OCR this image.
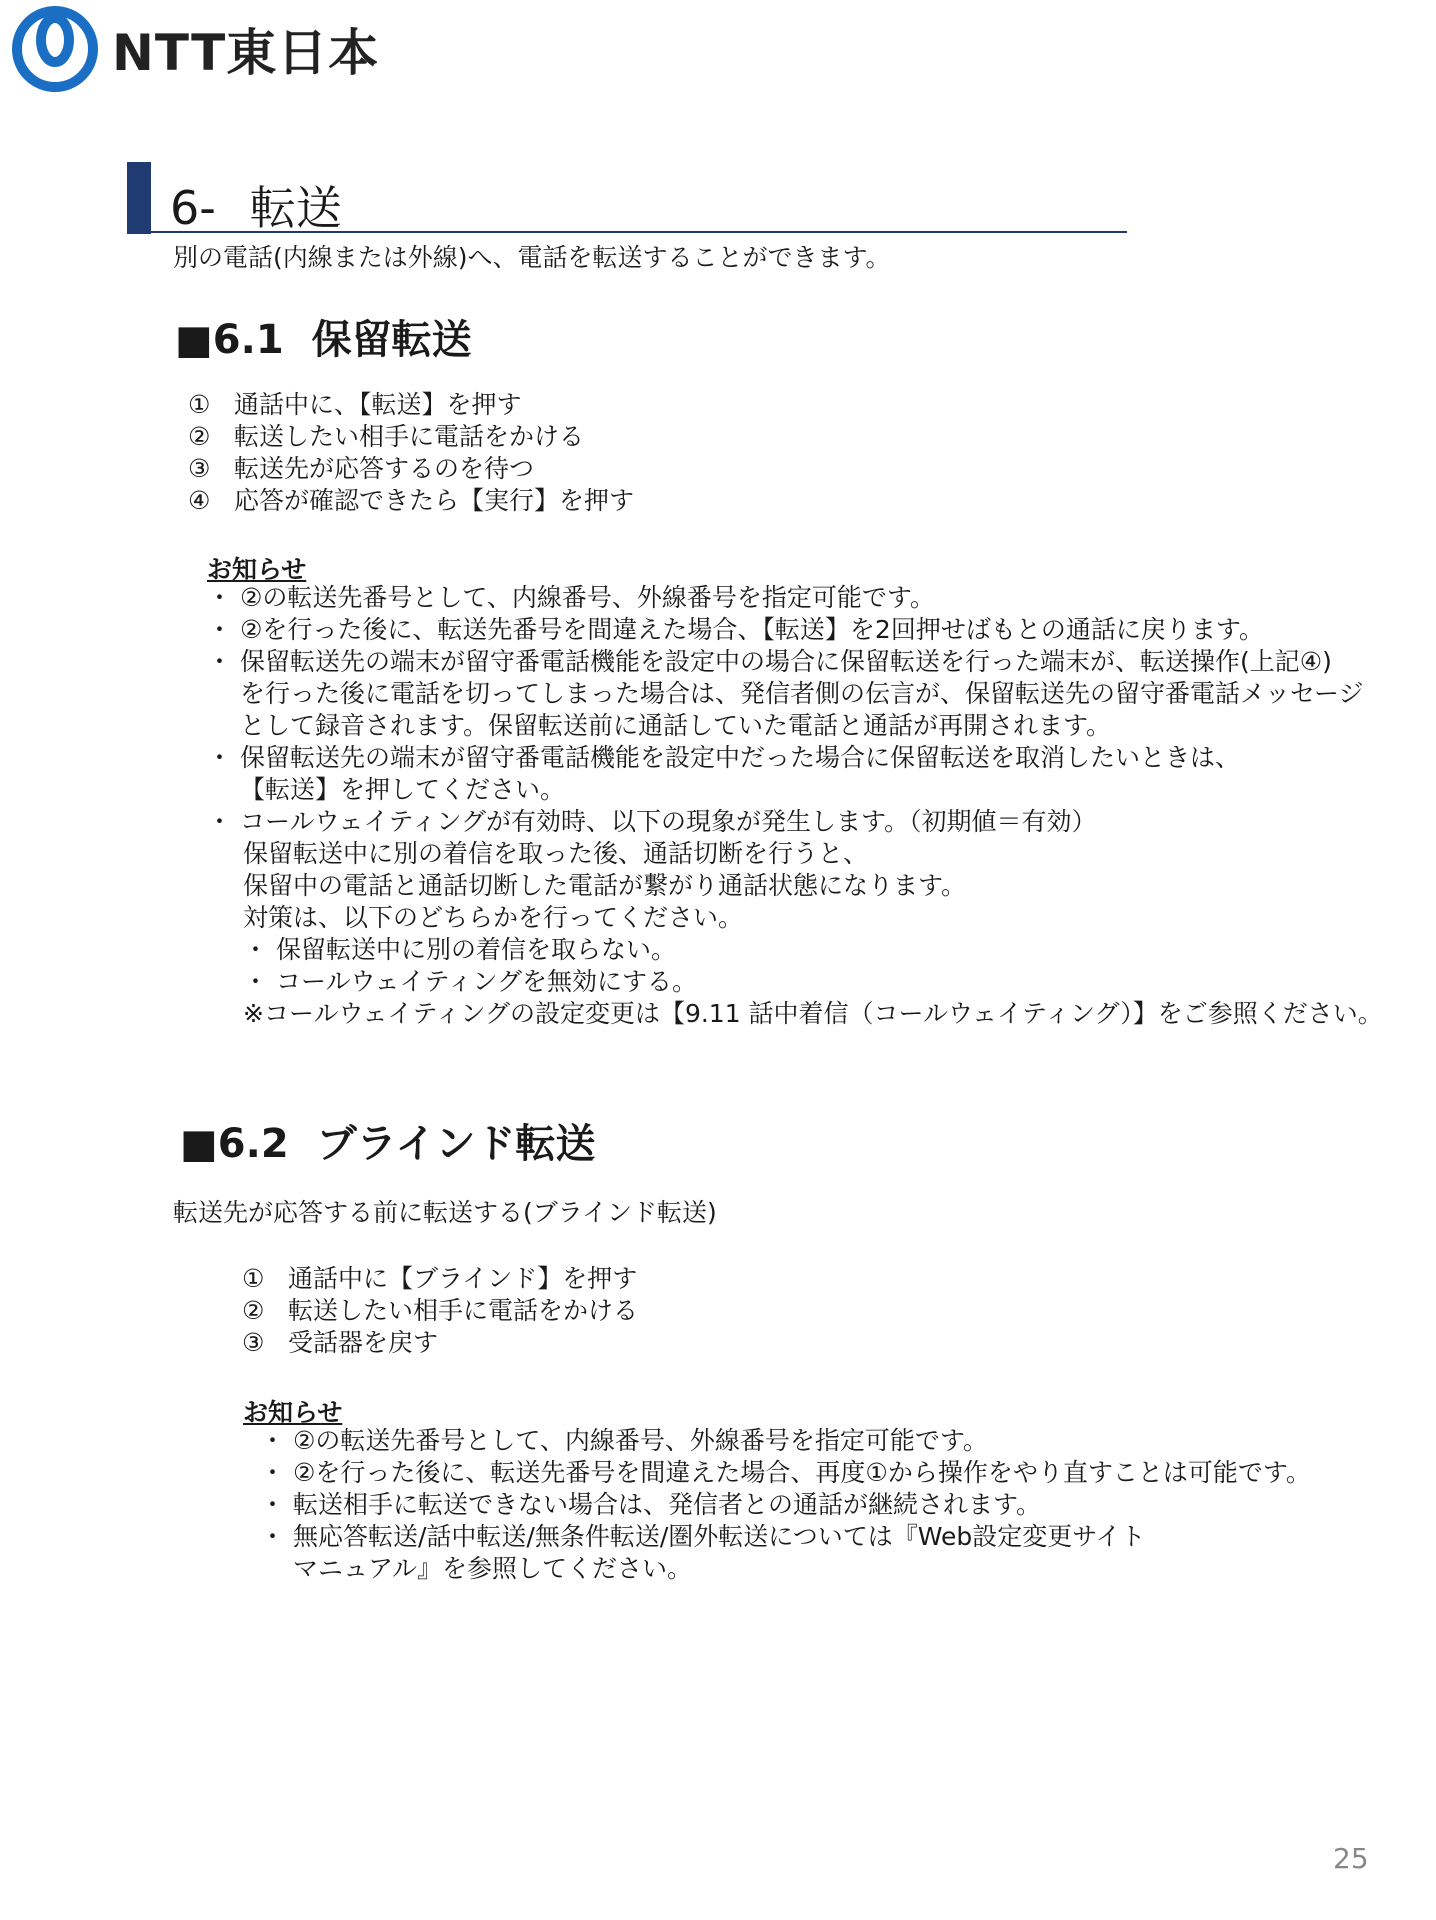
NTT東日本
6- 転送
別の電話(内線または外線)へ、電話を転送することができます。
■6.1 保留転送
① 通話中に、【転送】を押す
② 転送したい相手に電話をかける
③ 転送先が応答するのを待つ
④ 応答が確認できたら【実行】を押す
お知らせ
・ ②の転送先番号として、内線番号、外線番号を指定可能です。
・ ②を行った後に、転送先番号を間違えた場合、【転送】を2回押せばもとの通話に戻ります。
・ 保留転送先の端末が留守番電話機能を設定中の場合に保留転送を行った端末が、転送操作(上記④)
を行った後に電話を切ってしまった場合は、発信者側の伝言が、保留転送先の留守番電話メッセージ
として録音されます。保留転送前に通話していた電話と通話が再開されます。
・ 保留転送先の端末が留守番電話機能を設定中だった場合に保留転送を取消したいときは、
【転送】を押してください。
・ コールウェイティングが有効時、以下の現象が発生します。（初期値＝有効）
保留転送中に別の着信を取った後、通話切断を行うと、
保留中の電話と通話切断した電話が繋がり通話状態になります。
対策は、以下のどちらかを行ってください。
・ 保留転送中に別の着信を取らない。
・ コールウェイティングを無効にする。
※コールウェイティングの設定変更は【9.11 話中着信（コールウェイティング）】をご参照ください。
■6.2 ブラインド転送
転送先が応答する前に転送する(ブラインド転送)
① 通話中に【ブラインド】を押す
② 転送したい相手に電話をかける
③ 受話器を戻す
お知らせ
・ ②の転送先番号として、内線番号、外線番号を指定可能です。
・ ②を行った後に、転送先番号を間違えた場合、再度①から操作をやり直すことは可能です。
・ 転送相手に転送できない場合は、発信者との通話が継続されます。
・ 無応答転送/話中転送/無条件転送/圏外転送については『Web設定変更サイト
マニュアル』を参照してください。
25
